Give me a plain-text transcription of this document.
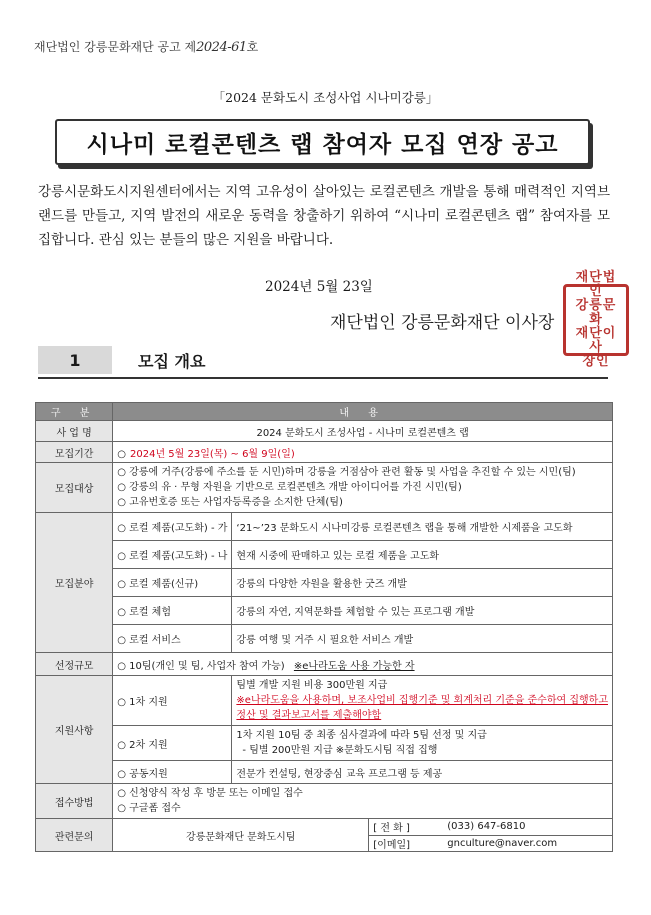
재단법인 강릉문화재단 공고 제2024-61호
「2024 문화도시 조성사업 시나미강릉」
시나미 로컬콘텐츠 랩 참여자 모집 연장 공고
강릉시문화도시지원센터에서는 지역 고유성이 살아있는 로컬콘텐츠 개발을 통해 매력적인 지역브랜드를 만들고, 지역 발전의 새로운 동력을 창출하기 위하여 “시나미 로컬콘텐츠 랩” 참여자를 모집합니다. 관심 있는 분들의 많은 지원을 바랍니다.
2024년 5월 23일
재단법인 강릉문화재단 이사장
재단법인
강릉문화
재단이사
장인
1	모집 개요
구 분	내 용	
사 업 명	2024 문화도시 조성사업 - 시나미 로컬콘텐츠 랩	
모집기간	○ 2024년 5월 23일(목) ~ 6월 9일(일)	
모집대상	○ 강릉에 거주(강릉에 주소를 둔 시민)하며 강릉을 거점삼아 관련 활동 및 사업을 추진할 수 있는 시민(팀)
○ 강릉의 유 · 무형 자원을 기반으로 로컬콘텐츠 개발 아이디어를 가진 시민(팀)
○ 고유번호증 또는 사업자등록증을 소지한 단체(팀)	

모집분야	○ 로컬 제품(고도화) - 가	‘21~’23 문화도시 시나미강릉 로컬콘텐츠 랩을 통해 개발한 시제품을 고도화
	○ 로컬 제품(고도화) - 나	현재 시중에 판매하고 있는 로컬 제품을 고도화
	○ 로컬 제품(신규)	강릉의 다양한 자원을 활용한 굿즈 개발
	○ 로컬 체험	강릉의 자연, 지역문화를 체험할 수 있는 프로그램 개발
	○ 로컬 서비스	강릉 여행 및 거주 시 필요한 서비스 개발
선정규모	○ 10팀(개인 및 팀, 사업자 참여 가능) ※e나라도움 사용 가능한 자	
지원사항	○ 1차 지원	팀별 개발 지원 비용 300만원 지급
※e나라도움을 사용하며, 보조사업비 집행기준 및 회계처리 기준을 준수하여 집행하고
정산 및 결과보고서를 제출해야함

	○ 2차 지원	1차 지원 10팀 중 최종 심사결과에 따라 5팀 선정 및 지급
- 팀별 200만원 지급 ※문화도시팀 직접 집행

	○ 공동지원	전문가 컨설팅, 현장중심 교육 프로그램 등 제공
접수방법	○ 신청양식 작성 후 방문 또는 이메일 접수
○ 구글폼 접수	

관련문의	강릉문화재단 문화도시팀
[ 전 화 ] (033) 647-6810
[이메일] gnculture@naver.com	
